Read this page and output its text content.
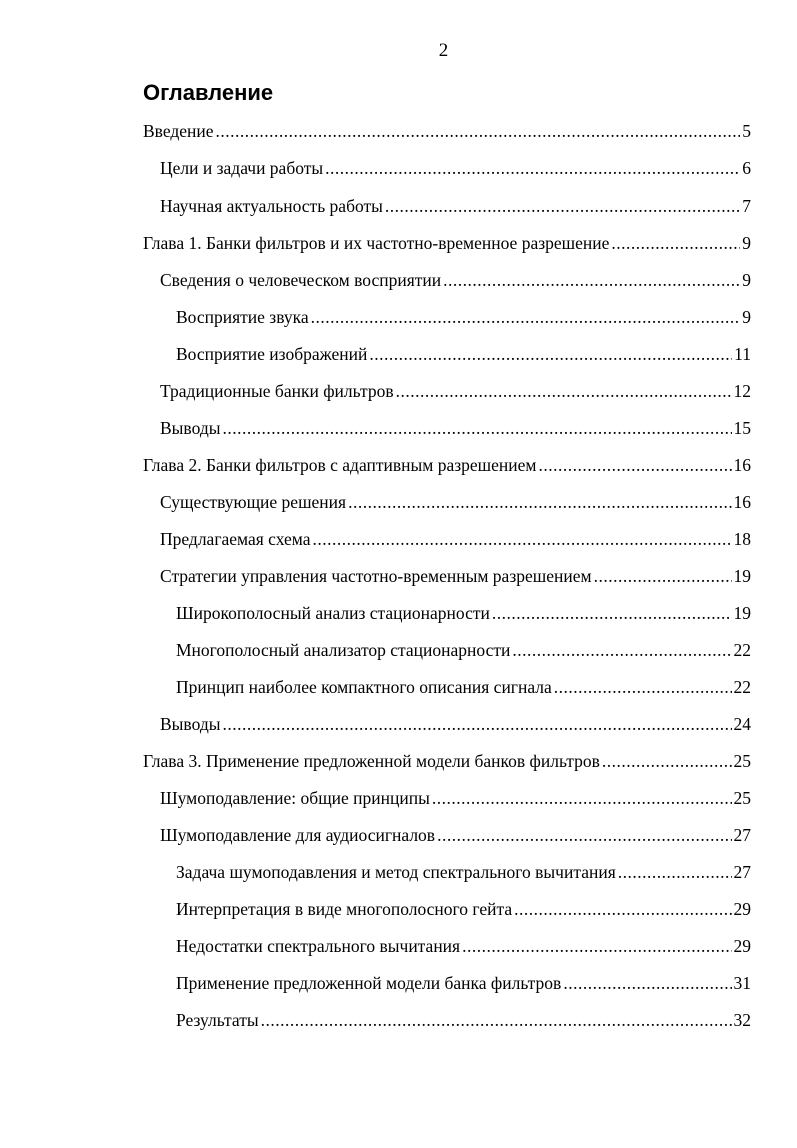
2
Оглавление
Введение .....	5
Цели и задачи работы .....	6
Научная актуальность работы .....	7
Глава 1. Банки фильтров и их частотно-временное разрешение .....	9
Сведения о человеческом восприятии .....	9
Восприятие звука .....	9
Восприятие изображений .....	11
Традиционные банки фильтров .....	12
Выводы .....	15
Глава 2. Банки фильтров с адаптивным разрешением .....	16
Существующие решения .....	16
Предлагаемая схема .....	18
Стратегии управления частотно-временным разрешением .....	19
Широкополосный анализ стационарности .....	19
Многополосный анализатор стационарности .....	22
Принцип наиболее компактного описания сигнала .....	22
Выводы .....	24
Глава 3. Применение предложенной модели банков фильтров .....	25
Шумоподавление: общие принципы .....	25
Шумоподавление для аудиосигналов .....	27
Задача шумоподавления и метод спектрального вычитания .....	27
Интерпретация в виде многополосного гейта .....	29
Недостатки спектрального вычитания .....	29
Применение предложенной модели банка фильтров .....	31
Результаты .....	32
